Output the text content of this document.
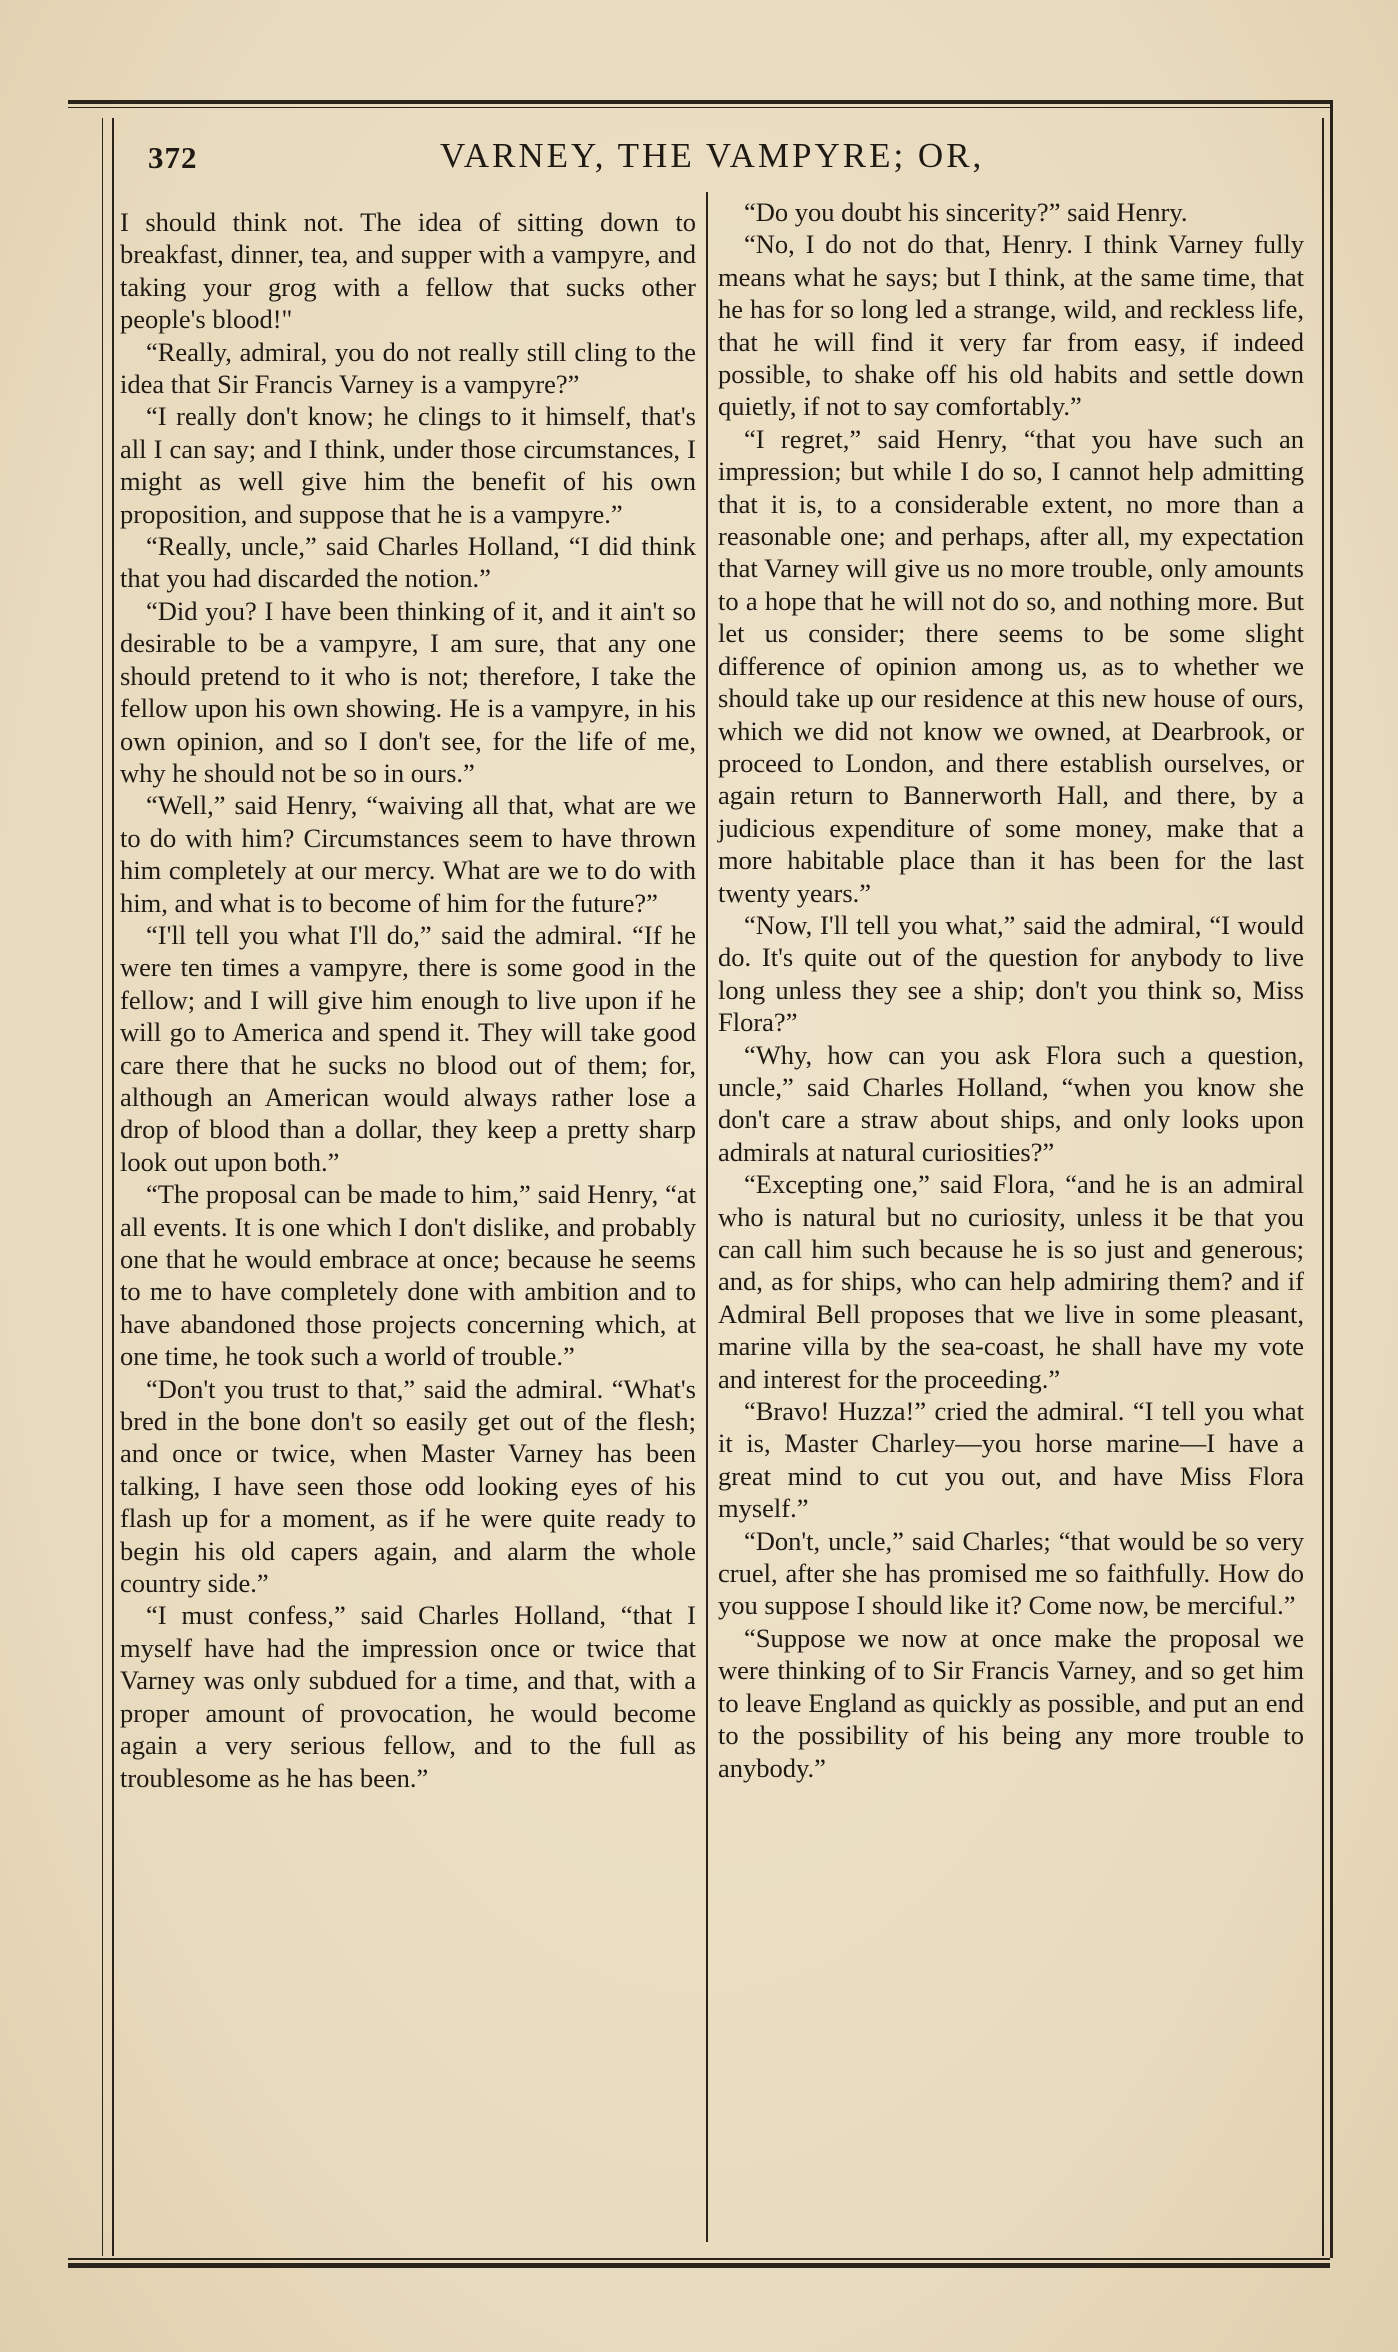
372	VARNEY, THE VAMPYRE; OR,

I should think not. The idea of sitting down to breakfast, dinner, tea, and supper with a vampyre, and taking your grog with a fellow that sucks other people's blood!"

“Really, admiral, you do not really still cling to the idea that Sir Francis Varney is a vampyre?”

“I really don't know; he clings to it himself, that's all I can say; and I think, under those circumstances, I might as well give him the benefit of his own proposition, and suppose that he is a vampyre.”

“Really, uncle,” said Charles Holland, “I did think that you had discarded the notion.”

“Did you? I have been thinking of it, and it ain't so desirable to be a vampyre, I am sure, that any one should pretend to it who is not; therefore, I take the fellow upon his own showing. He is a vampyre, in his own opinion, and so I don't see, for the life of me, why he should not be so in ours.”

“Well,” said Henry, “waiving all that, what are we to do with him? Circumstances seem to have thrown him completely at our mercy. What are we to do with him, and what is to become of him for the future?”

“I'll tell you what I'll do,” said the admiral. “If he were ten times a vampyre, there is some good in the fellow; and I will give him enough to live upon if he will go to America and spend it. They will take good care there that he sucks no blood out of them; for, although an American would always rather lose a drop of blood than a dollar, they keep a pretty sharp look out upon both.”

“The proposal can be made to him,” said Henry, “at all events. It is one which I don't dislike, and probably one that he would embrace at once; because he seems to me to have completely done with ambition and to have abandoned those projects concerning which, at one time, he took such a world of trouble.”

“Don't you trust to that,” said the admiral. “What's bred in the bone don't so easily get out of the flesh; and once or twice, when Master Varney has been talking, I have seen those odd looking eyes of his flash up for a moment, as if he were quite ready to begin his old capers again, and alarm the whole country side.”

“I must confess,” said Charles Holland, “that I myself have had the impression once or twice that Varney was only subdued for a time, and that, with a proper amount of provocation, he would become again a very serious fellow, and to the full as troublesome as he has been.”

“Do you doubt his sincerity?” said Henry.

“No, I do not do that, Henry. I think Varney fully means what he says; but I think, at the same time, that he has for so long led a strange, wild, and reckless life, that he will find it very far from easy, if indeed possible, to shake off his old habits and settle down quietly, if not to say comfortably.”

“I regret,” said Henry, “that you have such an impression; but while I do so, I cannot help admitting that it is, to a considerable extent, no more than a reasonable one; and perhaps, after all, my expectation that Varney will give us no more trouble, only amounts to a hope that he will not do so, and nothing more. But let us consider; there seems to be some slight difference of opinion among us, as to whether we should take up our residence at this new house of ours, which we did not know we owned, at Dearbrook, or proceed to London, and there establish ourselves, or again return to Bannerworth Hall, and there, by a judicious expenditure of some money, make that a more habitable place than it has been for the last twenty years.”

“Now, I'll tell you what,” said the admiral, “I would do. It's quite out of the question for anybody to live long unless they see a ship; don't you think so, Miss Flora?”

“Why, how can you ask Flora such a question, uncle,” said Charles Holland, “when you know she don't care a straw about ships, and only looks upon admirals at natural curiosities?”

“Excepting one,” said Flora, “and he is an admiral who is natural but no curiosity, unless it be that you can call him such because he is so just and generous; and, as for ships, who can help admiring them? and if Admiral Bell proposes that we live in some pleasant, marine villa by the sea-coast, he shall have my vote and interest for the proceeding.”

“Bravo! Huzza!” cried the admiral. “I tell you what it is, Master Charley—you horse marine—I have a great mind to cut you out, and have Miss Flora myself.”

“Don't, uncle,” said Charles; “that would be so very cruel, after she has promised me so faithfully. How do you suppose I should like it? Come now, be merciful.”

“Suppose we now at once make the proposal we were thinking of to Sir Francis Varney, and so get him to leave England as quickly as possible, and put an end to the possibility of his being any more trouble to anybody.”
